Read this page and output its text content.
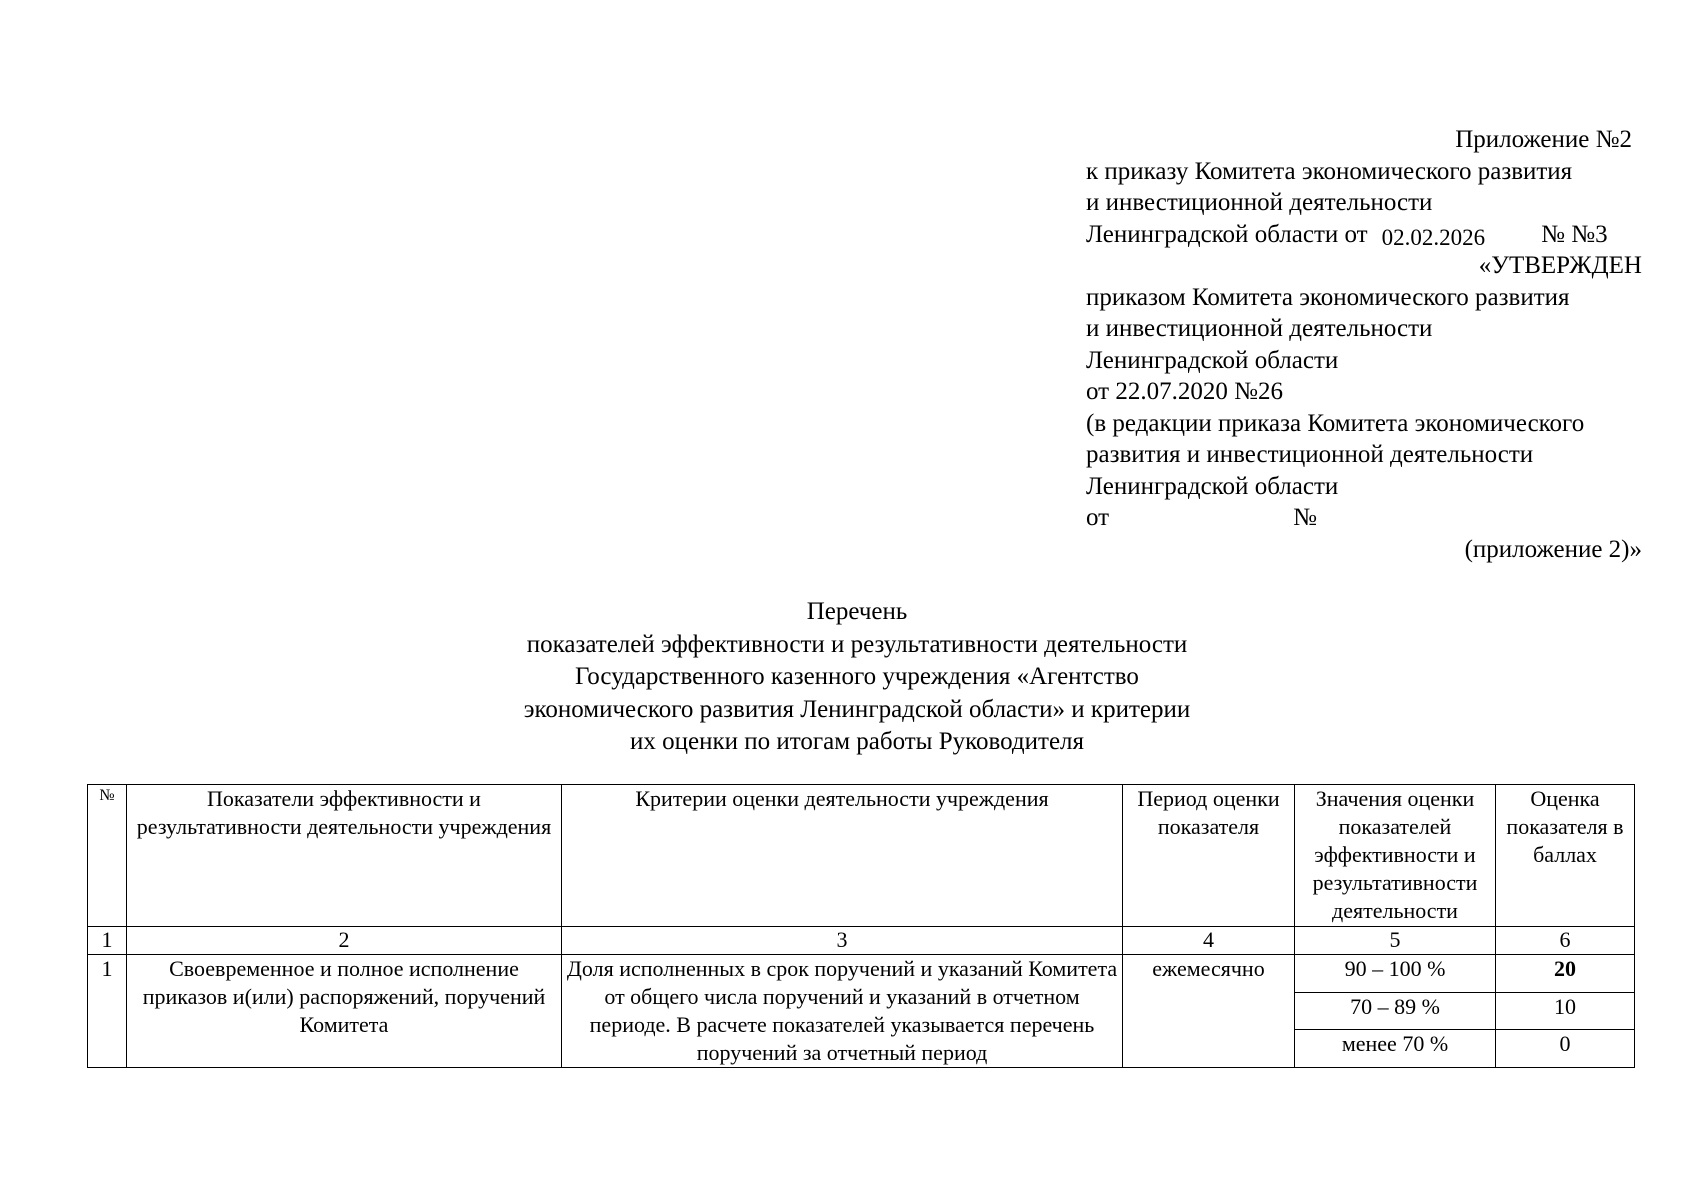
Приложение №2
к приказу Комитета экономического развития
и инвестиционной деятельности
Ленинградской области от 02.02.2026 № №3
«УТВЕРЖДЕН
приказом Комитета экономического развития
и инвестиционной деятельности
Ленинградской области
от 22.07.2020 №26
(в редакции приказа Комитета экономического
развития и инвестиционной деятельности
Ленинградской области
от	№
(приложение 2)»
Перечень
показателей эффективности и результативности деятельности
Государственного казенного учреждения «Агентство
экономического развития Ленинградской области» и критерии
их оценки по итогам работы Руководителя
№	Показатели эффективности и результативности деятельности учреждения	Критерии оценки деятельности учреждения	Период оценки показателя	Значения оценки показателей эффективности и результативности деятельности	Оценка показателя в баллах
1	2	3	4	5	6
1	Своевременное и полное исполнение приказов и(или) распоряжений, поручений Комитета	Доля исполненных в срок поручений и указаний Комитета от общего числа поручений и указаний в отчетном периоде. В расчете показателей указывается перечень поручений за отчетный период	ежемесячно	90 – 100 %	20
				70 – 89 %	10
				менее 70 %	0
